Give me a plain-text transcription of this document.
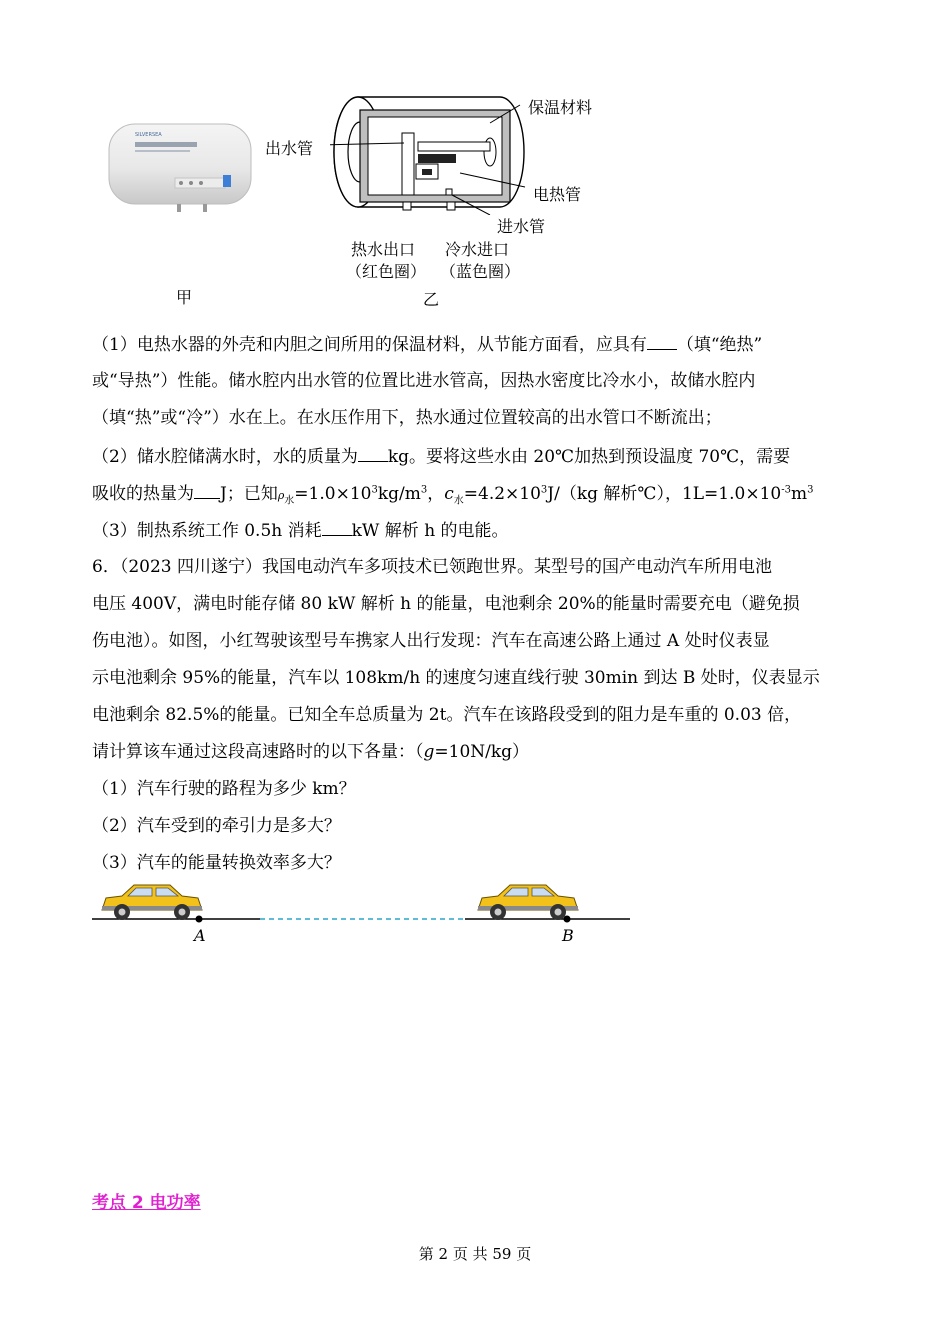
SILVERSEA
甲
保温材料
出水管
电热管
进水管
热水出口
（红色圈）
冷水进口
（蓝色圈）
乙
（1）电热水器的外壳和内胆之间所用的保温材料，从节能方面看，应具有 （填“绝热”
或“导热”）性能。储水腔内出水管的位置比进水管高，因热水密度比冷水小，故储水腔内
（填“热”或“冷”）水在上。在水压作用下，热水通过位置较高的出水管口不断流出；
（2）储水腔储满水时，水的质量为 kg。要将这些水由 20℃加热到预设温度 70℃，需要
吸收的热量为 J；已知$\rho_水=1.0\times 10^3kg/m^3$，$c_水=4.2\times 10^3J/(kg$ 解析℃），$1L=1.0\times 10^{-3}m^3$
（3）制热系统工作 0.5h 消耗 kW 解析 h 的电能。
6．（2023 四川遂宁）我国电动汽车多项技术已领跑世界。某型号的国产电动汽车所用电池
电压 400V，满电时能存储 80 kW 解析 h 的能量，电池剩余 20%的能量时需要充电（避免损
伤电池）。如图，小红驾驶该型号车携家人出行发现：汽车在高速公路上通过 A 处时仪表显
示电池剩余 95%的能量，汽车以 108km/h 的速度匀速直线行驶 30min 到达 B 处时，仪表显示
电池剩余 82.5%的能量。已知全车总质量为 2t。汽车在该路段受到的阻力是车重的 0.03 倍，
请计算该车通过这段高速路时的以下各量：（g=10N/kg）
（1）汽车行驶的路程为多少 km？
（2）汽车受到的牵引力是多大？
（3）汽车的能量转换效率多大？
A	B
考点 2 电功率
第 2 页 共 59 页
